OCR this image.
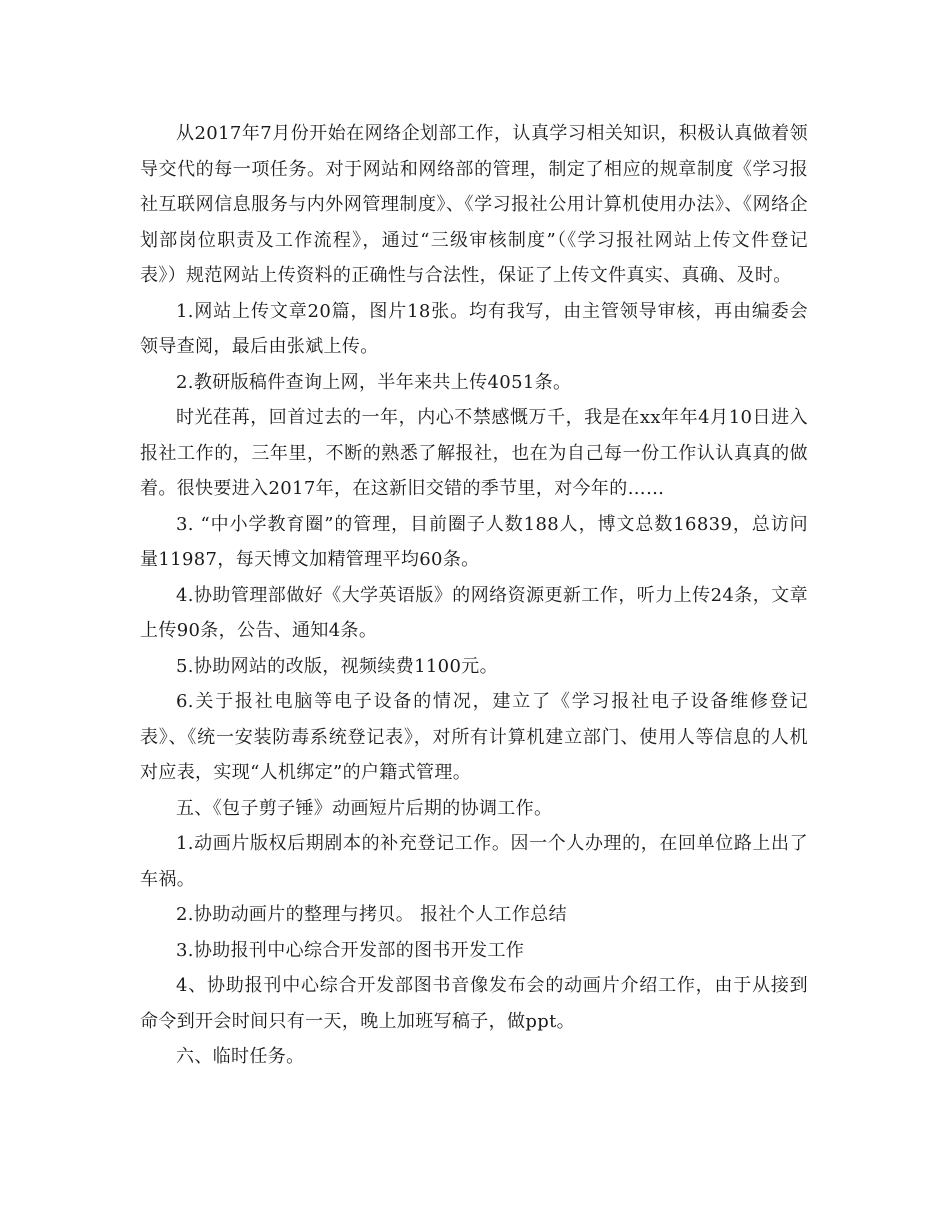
从2017年7月份开始在网络企划部工作，认真学习相关知识，积极认真做着领导交代的每一项任务。对于网站和网络部的管理，制定了相应的规章制度《学习报社互联网信息服务与内外网管理制度》、《学习报社公用计算机使用办法》、《网络企划部岗位职责及工作流程》，通过“三级审核制度”（《学习报社网站上传文件登记表》）规范网站上传资料的正确性与合法性，保证了上传文件真实、真确、及时。

1.网站上传文章20篇，图片18张。均有我写，由主管领导审核，再由编委会领导查阅，最后由张斌上传。

2.教研版稿件查询上网，半年来共上传4051条。

时光荏苒，回首过去的一年，内心不禁感慨万千，我是在xx年年4月10日进入报社工作的，三年里，不断的熟悉了解报社，也在为自己每一份工作认认真真的做着。很快要进入2017年，在这新旧交错的季节里，对今年的……

3. “中小学教育圈”的管理，目前圈子人数188人，博文总数16839，总访问量11987，每天博文加精管理平均60条。

4.协助管理部做好《大学英语版》的网络资源更新工作，听力上传24条，文章上传90条，公告、通知4条。

5.协助网站的改版，视频续费1100元。

6.关于报社电脑等电子设备的情况，建立了《学习报社电子设备维修登记表》、《统一安装防毒系统登记表》，对所有计算机建立部门、使用人等信息的人机对应表，实现“人机绑定”的户籍式管理。

五、《包子剪子锤》动画短片后期的协调工作。

1.动画片版权后期剧本的补充登记工作。因一个人办理的，在回单位路上出了车祸。

2.协助动画片的整理与拷贝。 报社个人工作总结

3.协助报刊中心综合开发部的图书开发工作

4、协助报刊中心综合开发部图书音像发布会的动画片介绍工作，由于从接到命令到开会时间只有一天，晚上加班写稿子，做ppt。

六、临时任务。
